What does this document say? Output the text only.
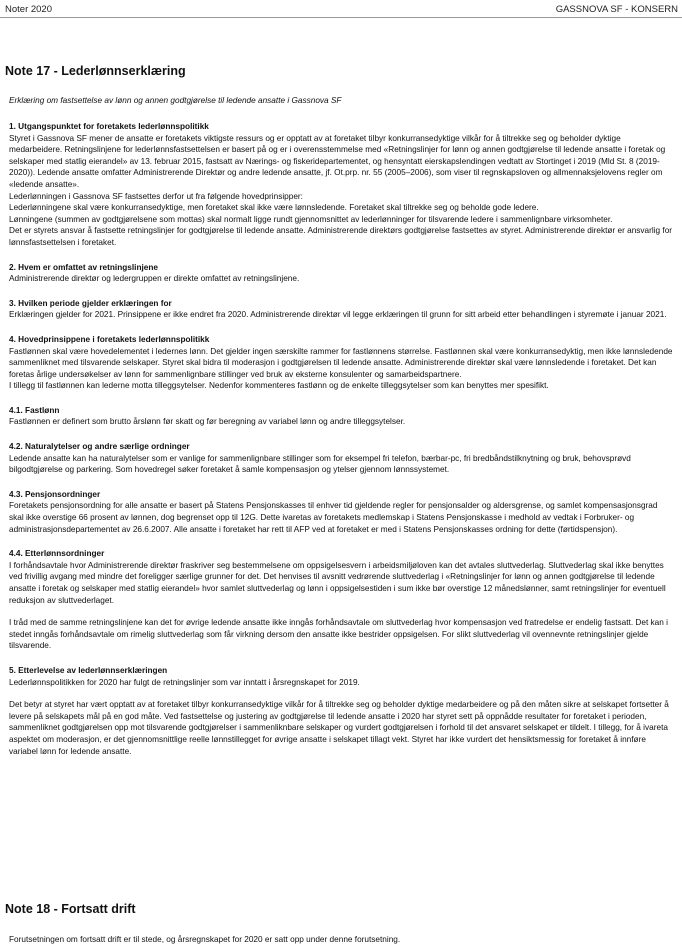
Noter 2020	GASSNOVA SF - KONSERN
Note 17 - Lederlønnserklæring
Erklæring om fastsettelse av lønn og annen godtgjørelse til ledende ansatte i Gassnova SF
1. Utgangspunktet for foretakets lederlønnspolitikk

Styret i Gassnova SF mener de ansatte er foretakets viktigste ressurs og er opptatt av at foretaket tilbyr konkurransedyktige vilkår for å tiltrekke seg og beholder dyktige medarbeidere. Retningslinjene for lederlønnsfastsettelsen er basert på og er i overensstemmelse med «Retningslinjer for lønn og annen godtgjørelse til ledende ansatte i foretak og selskaper med statlig eierandel» av 13. februar 2015, fastsatt av Nærings- og fiskeridepartementet, og hensyntatt eierskapslendingen vedtatt av Stortinget i 2019 (Mld St. 8 (2019-2020)). Ledende ansatte omfatter Administrerende Direktør og andre ledende ansatte, jf. Ot.prp. nr. 55 (2005–2006), som viser til regnskapsloven og allmennaksjelovens regler om «ledende ansatte».

Lederlønningen i Gassnova SF fastsettes derfor ut fra følgende hovedprinsipper:

Lederlønningene skal være konkurransedyktige, men foretaket skal ikke være lønnsledende. Foretaket skal tiltrekke seg og beholde gode ledere.

Lønningene (summen av godtgjørelsene som mottas) skal normalt ligge rundt gjennomsnittet av lederlønninger for tilsvarende ledere i sammenlignbare virksomheter.

Det er styrets ansvar å fastsette retningslinjer for godtgjørelse til ledende ansatte. Administrerende direktørs godtgjørelse fastsettes av styret. Administrerende direktør er ansvarlig for lønnsfastsettelsen i foretaket.

2. Hvem er omfattet av retningslinjene

Administrerende direktør og ledergruppen er direkte omfattet av retningslinjene.

3. Hvilken periode gjelder erklæringen for

Erklæringen gjelder for 2021. Prinsippene er ikke endret fra 2020. Administrerende direktør vil legge erklæringen til grunn for sitt arbeid etter behandlingen i styremøte i januar 2021.

4. Hovedprinsippene i foretakets lederlønnspolitikk

Fastlønnen skal være hovedelementet i ledernes lønn. Det gjelder ingen særskilte rammer for fastlønnens størrelse. Fastlønnen skal være konkurransedyktig, men ikke lønnsledende sammenliknet med tilsvarende selskaper. Styret skal bidra til moderasjon i godtgjørelsen til ledende ansatte. Administrerende direktør skal være lønnsledende i foretaket. Det kan foretas årlige undersøkelser av lønn for sammenlignbare stillinger ved bruk av eksterne konsulenter og samarbeidspartnere.

I tillegg til fastlønnen kan lederne motta tilleggsytelser. Nedenfor kommenteres fastlønn og de enkelte tilleggsytelser som kan benyttes mer spesifikt.

4.1. Fastlønn

Fastlønnen er definert som brutto årslønn før skatt og før beregning av variabel lønn og andre tilleggsytelser.

4.2. Naturalytelser og andre særlige ordninger

Ledende ansatte kan ha naturalytelser som er vanlige for sammenlignbare stillinger som for eksempel fri telefon, bærbar-pc, fri bredbåndstilknytning og bruk, behovsprøvd bilgodtgjørelse og parkering. Som hovedregel søker foretaket å samle kompensasjon og ytelser gjennom lønnssystemet.

4.3. Pensjonsordninger

Foretakets pensjonsordning for alle ansatte er basert på Statens Pensjonskasses til enhver tid gjeldende regler for pensjonsalder og aldersgrense, og samlet kompensasjonsgrad skal ikke overstige 66 prosent av lønnen, dog begrenset opp til 12G. Dette ivaretas av foretakets medlemskap i Statens Pensjonskasse i medhold av vedtak i Forbruker- og administrasjonsdepartementet av 26.6.2007. Alle ansatte i foretaket har rett til AFP ved at foretaket er med i Statens Pensjonskasses ordning for dette (førtidspensjon).

4.4. Etterlønnsordninger

I forhåndsavtale hvor Administrerende direktør fraskriver seg bestemmelsene om oppsigelsesvern i arbeidsmiljøloven kan det avtales sluttvederlag. Sluttvederlag skal ikke benyttes ved frivillig avgang med mindre det foreligger særlige grunner for det. Det henvises til avsnitt vedrørende sluttvederlag i «Retningslinjer for lønn og annen godtgjørelse til ledende ansatte i foretak og selskaper med statlig eierandel» hvor samlet sluttvederlag og lønn i oppsigelsestiden i sum ikke bør overstige 12 månedslønner, samt retningslinjer for eventuell reduksjon av sluttvederlaget.

I tråd med de samme retningslinjene kan det for øvrige ledende ansatte ikke inngås forhåndsavtale om sluttvederlag hvor kompensasjon ved fratredelse er endelig fastsatt. Det kan i stedet inngås forhåndsavtale om rimelig sluttvederlag som får virkning dersom den ansatte ikke bestrider oppsigelsen. For slikt sluttvederlag vil ovennevnte retningslinjer gjelde tilsvarende.

5. Etterlevelse av lederlønnserklæringen

Lederlønnspolitikken for 2020 har fulgt de retningslinjer som var inntatt i årsregnskapet for 2019.

Det betyr at styret har vært opptatt av at foretaket tilbyr konkurransedyktige vilkår for å tiltrekke seg og beholder dyktige medarbeidere og på den måten sikre at selskapet fortsetter å levere på selskapets mål på en god måte. Ved fastsettelse og justering av godtgjørelse til ledende ansatte i 2020 har styret sett på oppnådde resultater for foretaket i perioden, sammenliknet godtgjørelsen opp mot tilsvarende godtgjørelser i sammenliknbare selskaper og vurdert godtgjørelsen i forhold til det ansvaret selskapet er tildelt. I tillegg, for å ivareta aspektet om moderasjon, er det gjennomsnittlige reelle lønnstillegget for øvrige ansatte i selskapet tillagt vekt. Styret har ikke vurdert det hensiktsmessig for foretaket å innføre variabel lønn for ledende ansatte.

Note 18 - Fortsatt drift
Forutsetningen om fortsatt drift er til stede, og årsregnskapet for 2020 er satt opp under denne forutsetning.
